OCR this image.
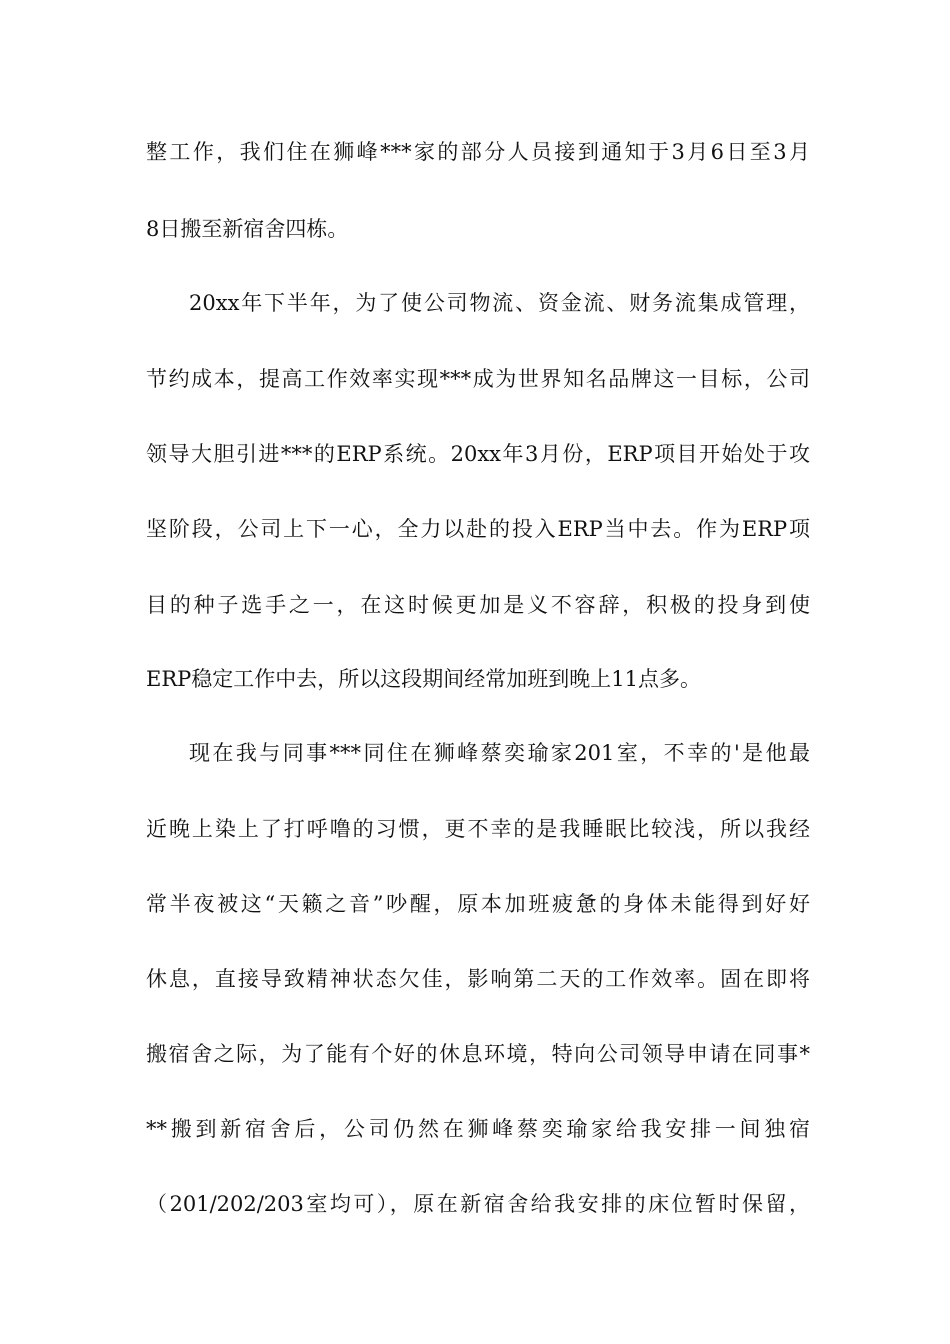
整工作，我们住在狮峰***家的部分人员接到通知于3月6日至3月
8日搬至新宿舍四栋。
20xx年下半年，为了使公司物流、资金流、财务流集成管理，
节约成本，提高工作效率实现***成为世界知名品牌这一目标，公司
领导大胆引进***的ERP系统。20xx年3月份，ERP项目开始处于攻
坚阶段，公司上下一心，全力以赴的投入ERP当中去。作为ERP项
目的种子选手之一，在这时候更加是义不容辞，积极的投身到使
ERP稳定工作中去，所以这段期间经常加班到晚上11点多。
现在我与同事***同住在狮峰蔡奕瑜家201室，不幸的'是他最
近晚上染上了打呼噜的习惯，更不幸的是我睡眠比较浅，所以我经
常半夜被这“天籁之音”吵醒，原本加班疲惫的身体未能得到好好
休息，直接导致精神状态欠佳，影响第二天的工作效率。固在即将
搬宿舍之际，为了能有个好的休息环境，特向公司领导申请在同事*
**搬到新宿舍后，公司仍然在狮峰蔡奕瑜家给我安排一间独宿
（201/202/203室均可），原在新宿舍给我安排的床位暂时保留，
